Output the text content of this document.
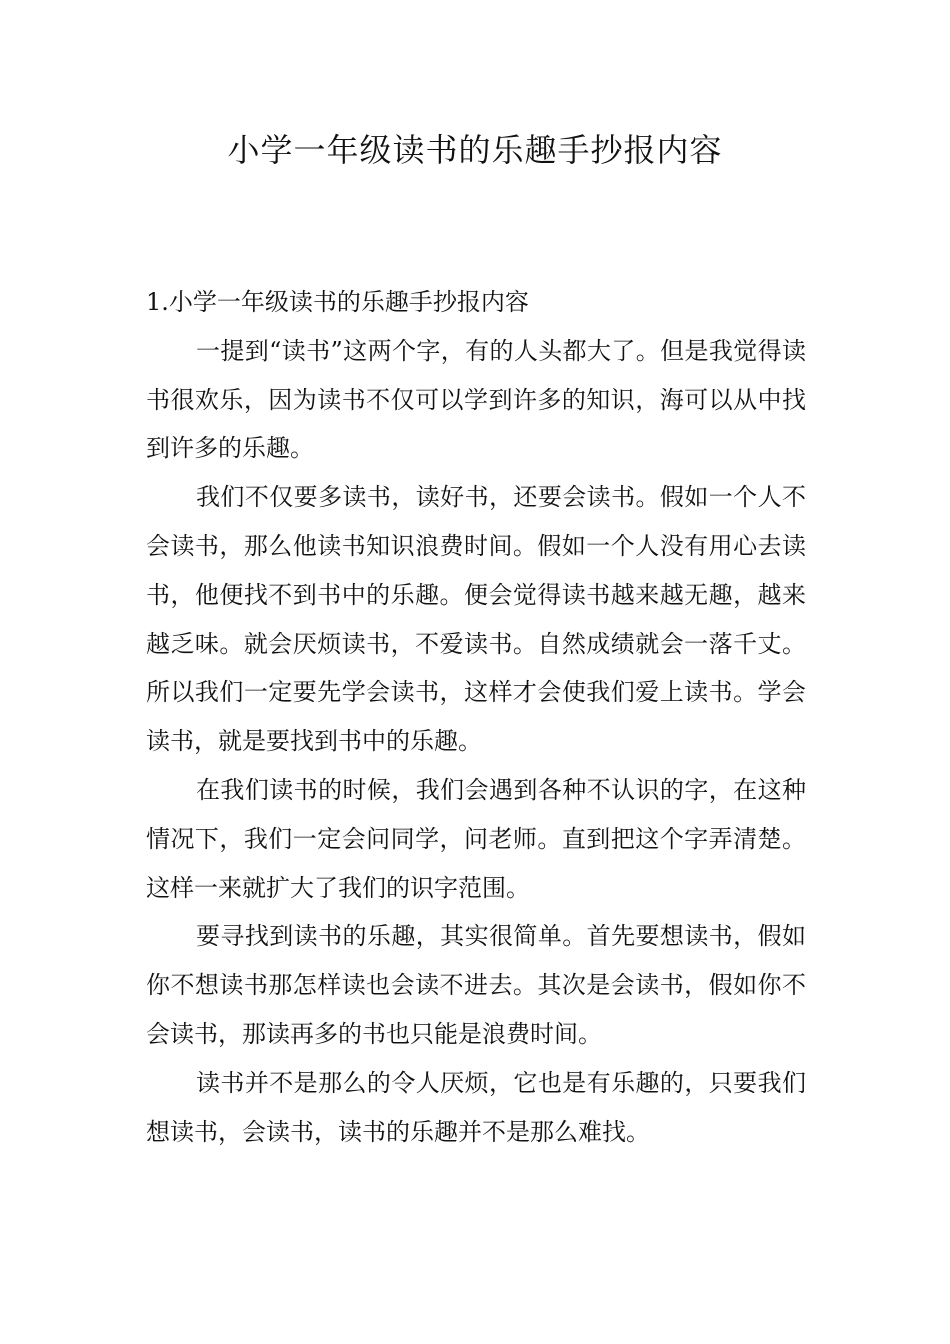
小学一年级读书的乐趣手抄报内容
1.小学一年级读书的乐趣手抄报内容

一提到“读书”这两个字，有的人头都大了。但是我觉得读书很欢乐，因为读书不仅可以学到许多的知识，海可以从中找到许多的乐趣。

我们不仅要多读书，读好书，还要会读书。假如一个人不会读书，那么他读书知识浪费时间。假如一个人没有用心去读书，他便找不到书中的乐趣。便会觉得读书越来越无趣，越来越乏味。就会厌烦读书，不爱读书。自然成绩就会一落千丈。所以我们一定要先学会读书，这样才会使我们爱上读书。学会读书，就是要找到书中的乐趣。

在我们读书的时候，我们会遇到各种不认识的字，在这种情况下，我们一定会问同学，问老师。直到把这个字弄清楚。这样一来就扩大了我们的识字范围。

要寻找到读书的乐趣，其实很简单。首先要想读书，假如你不想读书那怎样读也会读不进去。其次是会读书，假如你不会读书，那读再多的书也只能是浪费时间。

读书并不是那么的令人厌烦，它也是有乐趣的，只要我们想读书，会读书，读书的乐趣并不是那么难找。
